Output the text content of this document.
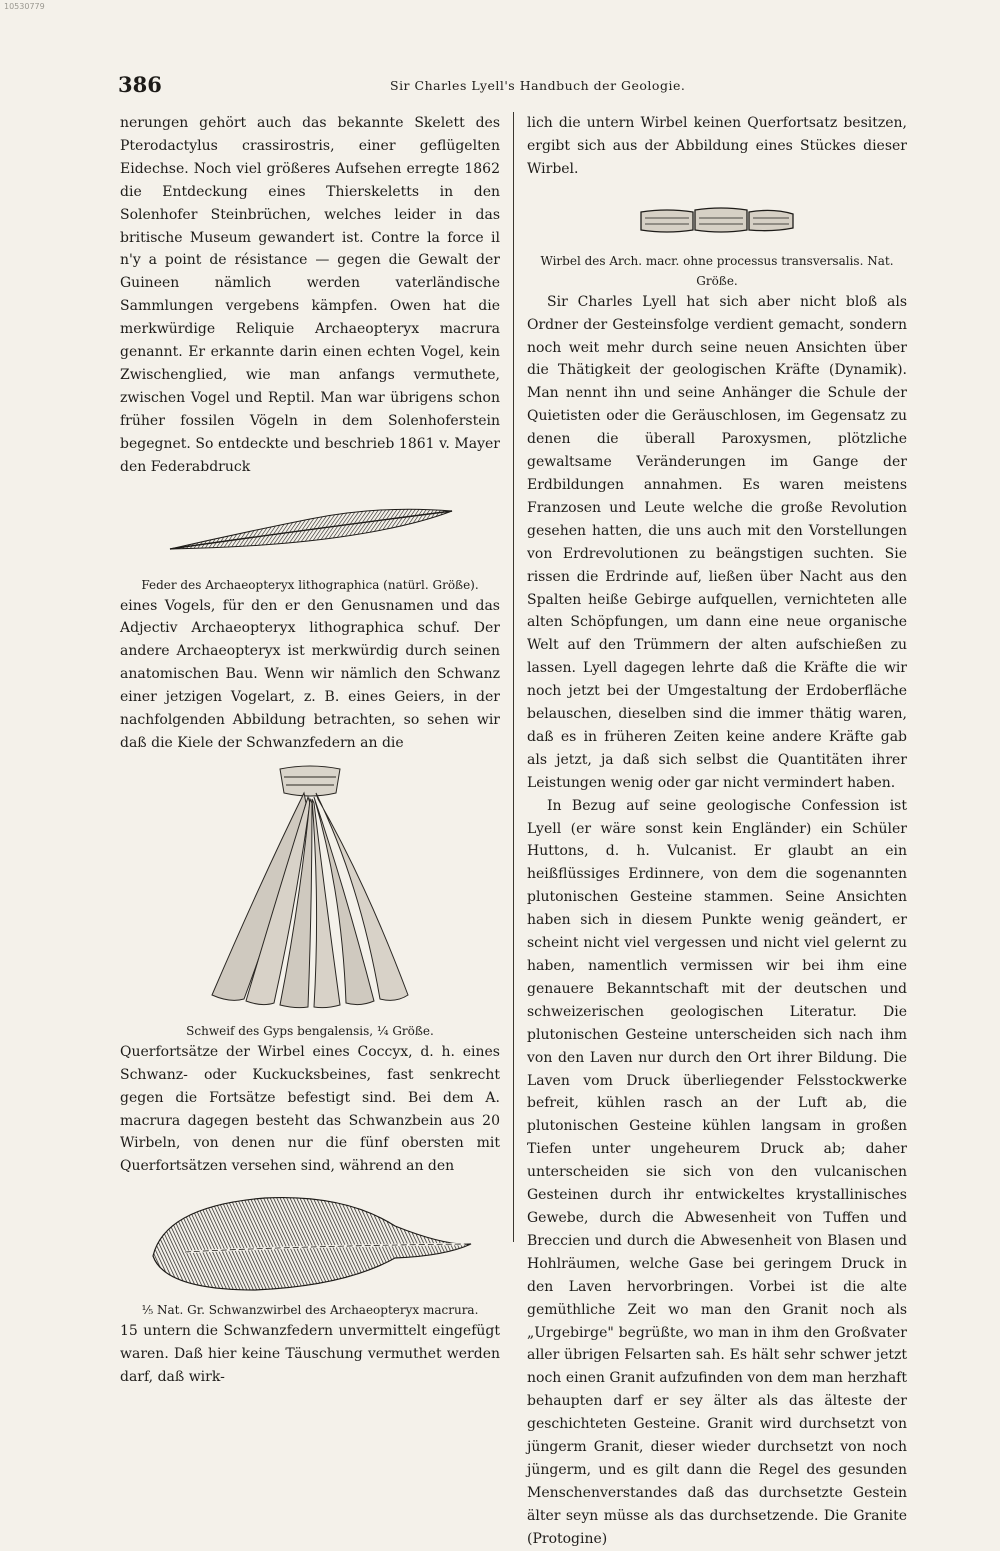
10530779
386	Sir Charles Lyell's Handbuch der Geologie.

nerungen gehört auch das bekannte Skelett des Pterodactylus crassirostris, einer geflügelten Eidechse. Noch viel größeres Aufsehen erregte 1862 die Entdeckung eines Thierskeletts in den Solenhofer Steinbrüchen, welches leider in das britische Museum gewandert ist. Contre la force il n'y a point de résistance — gegen die Gewalt der Guineen nämlich werden vaterländische Sammlungen vergebens kämpfen. Owen hat die merkwürdige Reliquie Archaeopteryx macrura genannt. Er erkannte darin einen echten Vogel, kein Zwischenglied, wie man anfangs vermuthete, zwischen Vogel und Reptil. Man war übrigens schon früher fossilen Vögeln in dem Solenhoferstein begegnet. So entdeckte und beschrieb 1861 v. Mayer den Federabdruck

Feder des Archaeopteryx lithographica (natürl. Größe).

eines Vogels, für den er den Genusnamen und das Adjectiv Archaeopteryx lithographica schuf. Der andere Archaeopteryx ist merkwürdig durch seinen anatomischen Bau. Wenn wir nämlich den Schwanz einer jetzigen Vogelart, z. B. eines Geiers, in der nachfolgenden Abbildung betrachten, so sehen wir daß die Kiele der Schwanzfedern an die

Schweif des Gyps bengalensis, ¹⁄₄ Größe.

Querfortsätze der Wirbel eines Coccyx, d. h. eines Schwanz- oder Kuckucksbeines, fast senkrecht gegen die Fortsätze befestigt sind. Bei dem A. macrura dagegen besteht das Schwanzbein aus 20 Wirbeln, von denen nur die fünf obersten mit Querfortsätzen versehen sind, während an den

¹⁄₅ Nat. Gr. Schwanzwirbel des Archaeopteryx macrura.

15 untern die Schwanzfedern unvermittelt eingefügt waren. Daß hier keine Täuschung vermuthet werden darf, daß wirk-

lich die untern Wirbel keinen Querfortsatz besitzen, ergibt sich aus der Abbildung eines Stückes dieser Wirbel.

Wirbel des Arch. macr. ohne processus transversalis. Nat. Größe.

Sir Charles Lyell hat sich aber nicht bloß als Ordner der Gesteinsfolge verdient gemacht, sondern noch weit mehr durch seine neuen Ansichten über die Thätigkeit der geologischen Kräfte (Dynamik). Man nennt ihn und seine Anhänger die Schule der Quietisten oder die Geräuschlosen, im Gegensatz zu denen die überall Paroxysmen, plötzliche gewaltsame Veränderungen im Gange der Erdbildungen annahmen. Es waren meistens Franzosen und Leute welche die große Revolution gesehen hatten, die uns auch mit den Vorstellungen von Erdrevolutionen zu beängstigen suchten. Sie rissen die Erdrinde auf, ließen über Nacht aus den Spalten heiße Gebirge aufquellen, vernichteten alle alten Schöpfungen, um dann eine neue organische Welt auf den Trümmern der alten aufschießen zu lassen. Lyell dagegen lehrte daß die Kräfte die wir noch jetzt bei der Umgestaltung der Erdoberfläche belauschen, dieselben sind die immer thätig waren, daß es in früheren Zeiten keine andere Kräfte gab als jetzt, ja daß sich selbst die Quantitäten ihrer Leistungen wenig oder gar nicht vermindert haben.

In Bezug auf seine geologische Confession ist Lyell (er wäre sonst kein Engländer) ein Schüler Huttons, d. h. Vulcanist. Er glaubt an ein heißflüssiges Erdinnere, von dem die sogenannten plutonischen Gesteine stammen. Seine Ansichten haben sich in diesem Punkte wenig geändert, er scheint nicht viel vergessen und nicht viel gelernt zu haben, namentlich vermissen wir bei ihm eine genauere Bekanntschaft mit der deutschen und schweizerischen geologischen Literatur. Die plutonischen Gesteine unterscheiden sich nach ihm von den Laven nur durch den Ort ihrer Bildung. Die Laven vom Druck überliegender Felsstockwerke befreit, kühlen rasch an der Luft ab, die plutonischen Gesteine kühlen langsam in großen Tiefen unter ungeheurem Druck ab; daher unterscheiden sie sich von den vulcanischen Gesteinen durch ihr entwickeltes krystallinisches Gewebe, durch die Abwesenheit von Tuffen und Breccien und durch die Abwesenheit von Blasen und Hohlräumen, welche Gase bei geringem Druck in den Laven hervorbringen. Vorbei ist die alte gemüthliche Zeit wo man den Granit noch als „Urgebirge" begrüßte, wo man in ihm den Großvater aller übrigen Felsarten sah. Es hält sehr schwer jetzt noch einen Granit aufzufinden von dem man herzhaft behaupten darf er sey älter als das älteste der geschichteten Gesteine. Granit wird durchsetzt von jüngerm Granit, dieser wieder durchsetzt von noch jüngerm, und es gilt dann die Regel des gesunden Menschenverstandes daß das durchsetzte Gestein älter seyn müsse als das durchsetzende. Die Granite (Protogine)
